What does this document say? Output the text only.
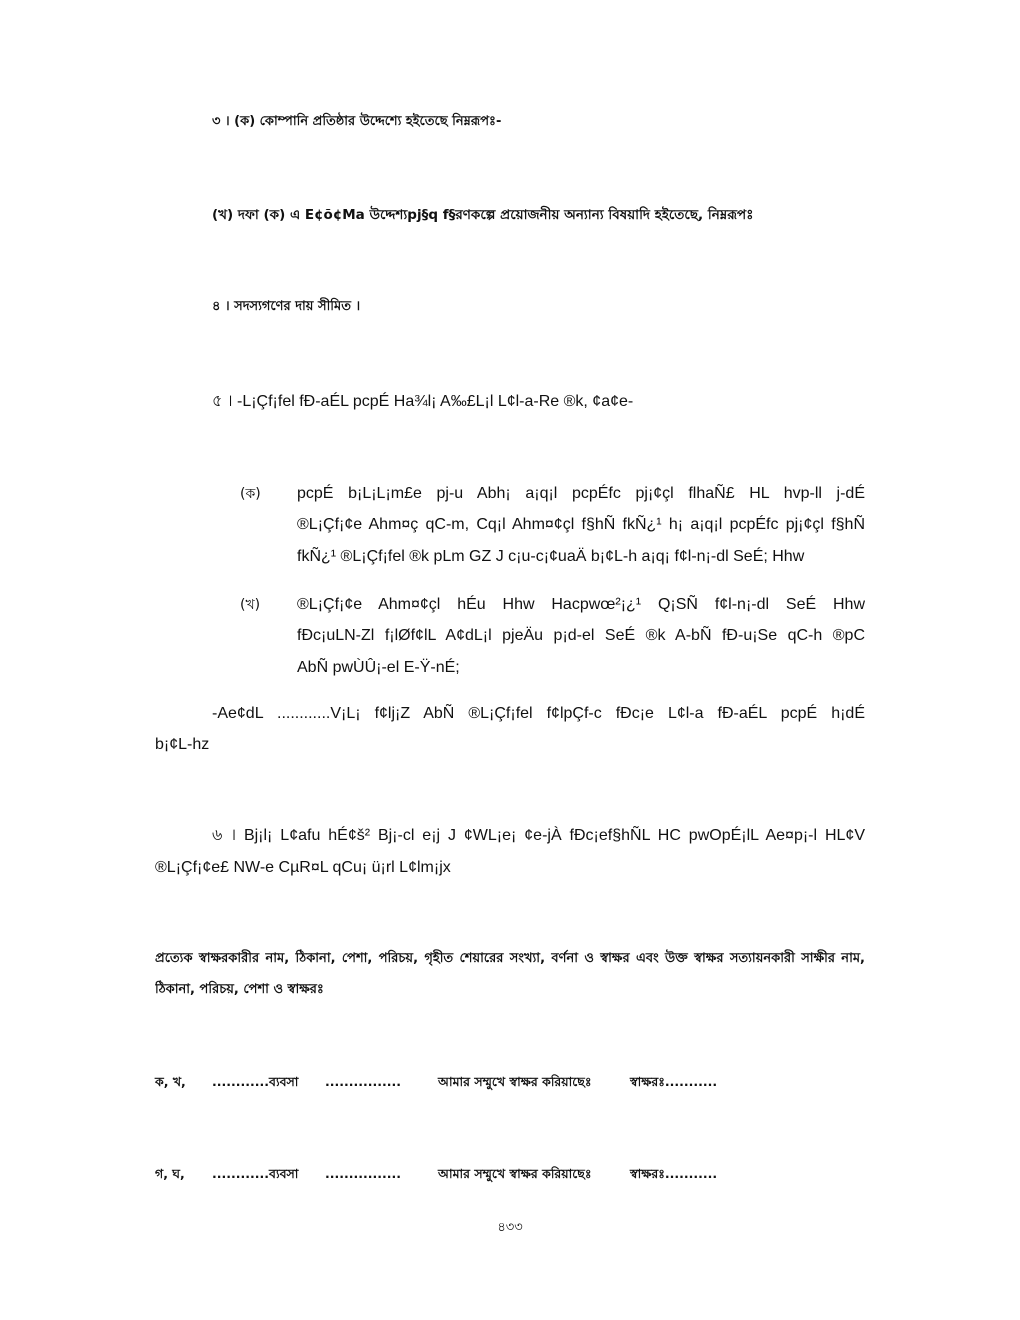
৩ । (ক) কোম্পানি প্রতিষ্ঠার উদ্দেশ্যে হইতেছে নিম্নরূপঃ-
(খ) দফা (ক) এ E¢õ¢Ma উদ্দেশ্যpj§q f§রণকল্পে প্রয়োজনীয় অন্যান্য বিষয়াদি হইতেছে, নিম্নরূপঃ
৪ । সদস্যগণের দায় সীমিত ।
৫ । -L¡Çf¡fel fÐ-aÉL pcpÉ Ha¾l¡ A‰£L¡l L¢l-a-Re ®k, ¢a¢e-
(ক) pcpÉ b¡L¡L¡m£e pj-u Abh¡ a¡q¡l pcpÉfc pj¡¢çl flhaÑ£ HL hvp-ll j-dÉ
®L¡Çf¡¢e Ahm¤ç qC-m, Cq¡l Ahm¤¢çl f§hÑ fkÑ¿¹ h¡ a¡q¡l pcpÉfc pj¡¢çl f§hÑ
fkÑ¿¹ ®L¡Çf¡fel ®k pLm GZ J c¡u-c¡¢uaÄ b¡¢L-h a¡q¡ f¢l-n¡-dl SeÉ; Hhw
(খ) ®L¡Çf¡¢e Ahm¤¢çl hÉu Hhw Hacpwœ²¡¿¹ Q¡SÑ f¢l-n¡-dl SeÉ Hhw
fÐc¡uLN-Zl f¡lØf¢lL A¢dL¡l pjeÄu p¡d-el SeÉ ®k A-bÑ fÐ-u¡Se qC-h ®pC
AbÑ pwÙÛ¡-el E-Ÿ-nÉ;
-Ae¢dL ............V¡L¡ f¢lj¡Z AbÑ ®L¡Çf¡fel f¢lpÇf-c fÐc¡e L¢l-a fÐ-aÉL pcpÉ h¡dÉ
b¡¢L-hz
৬ । Bj¡l¡ L¢afu hÉ¢š² Bj¡-cl e¡j J ¢WL¡e¡ ¢e-jÀ fÐc¡ef§hÑL HC pwOpÉ¡lL Ae¤p¡-l HL¢V
®L¡Çf¡¢e£ NW-e CµR¤L qCu¡ ü¡rl L¢lm¡jx
প্রত্যেক স্বাক্ষরকারীর নাম, ঠিকানা, পেশা, পরিচয়, গৃহীত শেয়ারের সংখ্যা, বর্ণনা ও স্বাক্ষর এবং উক্ত স্বাক্ষর সত্যায়নকারী সাক্ষীর নাম,
ঠিকানা, পরিচয়, পেশা ও স্বাক্ষরঃ
ক, খ, ............ব্যবসা ................	আমার সম্মুখে স্বাক্ষর করিয়াছেঃ	স্বাক্ষরঃ...........
গ, ঘ, ............ব্যবসা ................	আমার সম্মুখে স্বাক্ষর করিয়াছেঃ	স্বাক্ষরঃ...........
৪৩৩
